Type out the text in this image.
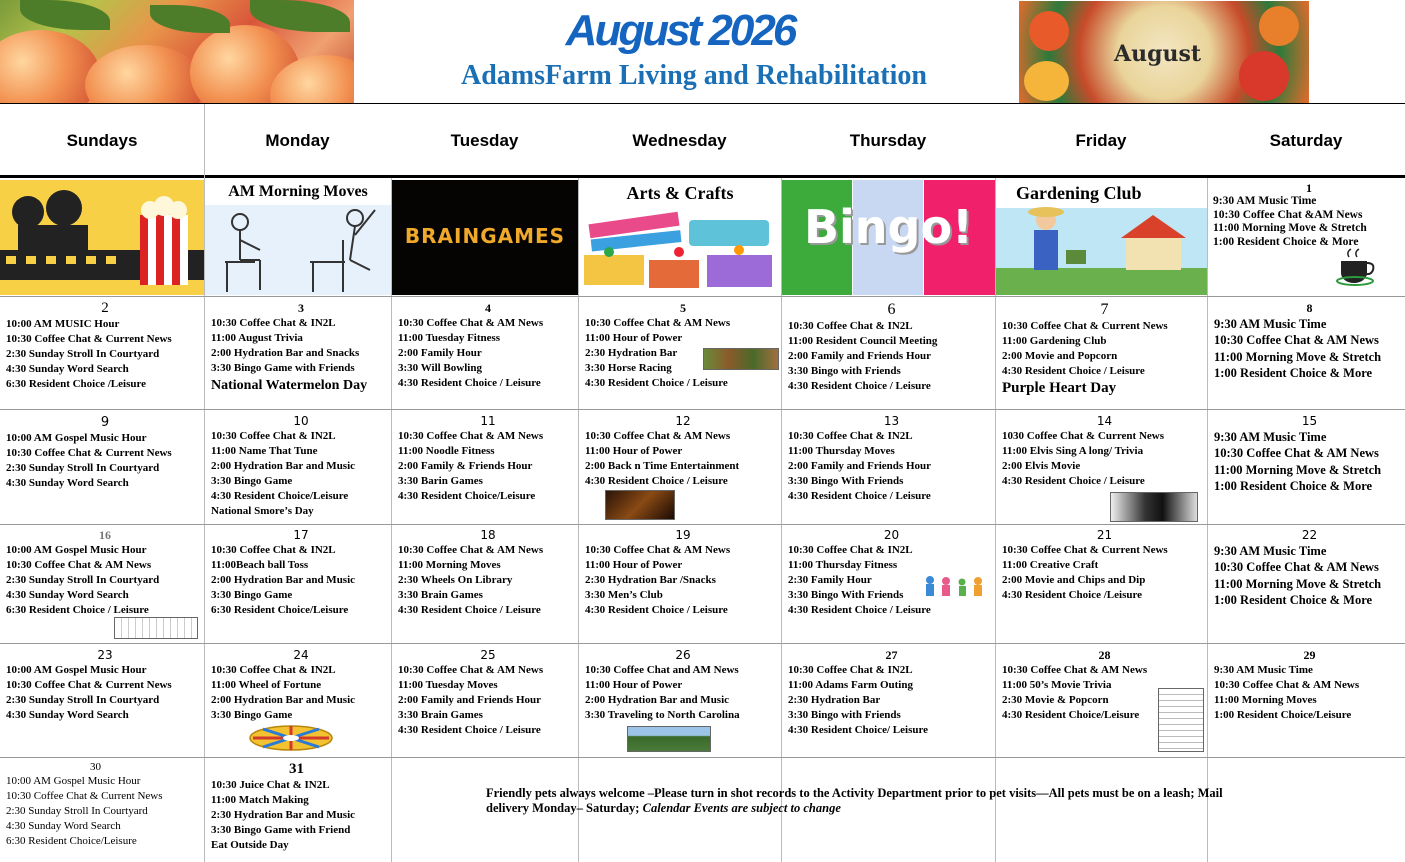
August 2026
AdamsFarm Living and Rehabilitation
August
Sundays	Monday	Tuesday	Wednesday	Thursday	Friday	Saturday
AM Morning Moves
BRAINGAMES
Arts & Crafts
Bingo!
Gardening Club	1
9:30 AM Music Time
10:30 Coffee Chat &AM News
11:00 Morning Move & Stretch
1:00 Resident Choice & More
2
10:00 AM MUSIC Hour
10:30 Coffee Chat & Current News
2:30 Sunday Stroll In Courtyard
4:30 Sunday Word Search
6:30 Resident Choice /Leisure
3
10:30 Coffee Chat & IN2L
11:00 August Trivia
2:00 Hydration Bar and Snacks
3:30 Bingo Game with Friends
National Watermelon Day
4
10:30 Coffee Chat & AM News
11:00 Tuesday Fitness
2:00 Family Hour
3:30 Will Bowling
4:30 Resident Choice / Leisure
5
10:30 Coffee Chat & AM News
11:00 Hour of Power
2:30 Hydration Bar
3:30 Horse Racing
4:30 Resident Choice / Leisure
6
10:30 Coffee Chat & IN2L
11:00 Resident Council Meeting
2:00 Family and Friends Hour
3:30 Bingo with Friends
4:30 Resident Choice / Leisure
7
10:30 Coffee Chat & Current News
11:00 Gardening Club
2:00 Movie and Popcorn
4:30 Resident Choice / Leisure
Purple Heart Day
8
9:30 AM Music Time
10:30 Coffee Chat & AM News
11:00 Morning Move & Stretch
1:00 Resident Choice & More
9
10:00 AM Gospel Music Hour
10:30 Coffee Chat & Current News
2:30 Sunday Stroll In Courtyard
4:30 Sunday Word Search
10
10:30 Coffee Chat & IN2L
11:00 Name That Tune
2:00 Hydration Bar and Music
3:30 Bingo Game
4:30 Resident Choice/Leisure
National Smore’s Day
11
10:30 Coffee Chat & AM News
11:00 Noodle Fitness
2:00 Family & Friends Hour
3:30 Barin Games
4:30 Resident Choice/Leisure
12
10:30 Coffee Chat & AM News
11:00 Hour of Power
2:00 Back n Time Entertainment
4:30 Resident Choice / Leisure
13
10:30 Coffee Chat & IN2L
11:00 Thursday Moves
2:00 Family and Friends Hour
3:30 Bingo With Friends
4:30 Resident Choice / Leisure
14
1030 Coffee Chat & Current News
11:00 Elvis Sing A long/ Trivia
2:00 Elvis Movie
4:30 Resident Choice / Leisure
15
9:30 AM Music Time
10:30 Coffee Chat & AM News
11:00 Morning Move & Stretch
1:00 Resident Choice & More
16
10:00 AM Gospel Music Hour
10:30 Coffee Chat & AM News
2:30 Sunday Stroll In Courtyard
4:30 Sunday Word Search
6:30 Resident Choice / Leisure
17
10:30 Coffee Chat & IN2L
11:00Beach ball Toss
2:00 Hydration Bar and Music
3:30 Bingo Game
6:30 Resident Choice/Leisure
18
10:30 Coffee Chat & AM News
11:00 Morning Moves
2:30 Wheels On Library
3:30 Brain Games
4:30 Resident Choice / Leisure
19
10:30 Coffee Chat & AM News
11:00 Hour of Power
2:30 Hydration Bar /Snacks
3:30 Men’s Club
4:30 Resident Choice / Leisure
20
10:30 Coffee Chat & IN2L
11:00 Thursday Fitness
2:30 Family Hour
3:30 Bingo With Friends
4:30 Resident Choice / Leisure
21
10:30 Coffee Chat & Current News
11:00 Creative Craft
2:00 Movie and Chips and Dip
4:30 Resident Choice /Leisure
22
9:30 AM Music Time
10:30 Coffee Chat & AM News
11:00 Morning Move & Stretch
1:00 Resident Choice & More
23
10:00 AM Gospel Music Hour
10:30 Coffee Chat & Current News
2:30 Sunday Stroll In Courtyard
4:30 Sunday Word Search
24
10:30 Coffee Chat & IN2L
11:00 Wheel of Fortune
2:00 Hydration Bar and Music
3:30 Bingo Game
25
10:30 Coffee Chat & AM News
11:00 Tuesday Moves
2:00 Family and Friends Hour
3:30 Brain Games
4:30 Resident Choice / Leisure
26
10:30 Coffee Chat and AM News
11:00 Hour of Power
2:00 Hydration Bar and Music
3:30 Traveling to North Carolina
27
10:30 Coffee Chat & IN2L
11:00 Adams Farm Outing
2:30 Hydration Bar
3:30 Bingo with Friends
4:30 Resident Choice/ Leisure
28
10:30 Coffee Chat & AM News
11:00 50’s Movie Trivia
2:30 Movie & Popcorn
4:30 Resident Choice/Leisure
29
9:30 AM Music Time
10:30 Coffee Chat & AM News
11:00 Morning Moves
1:00 Resident Choice/Leisure
30
10:00 AM Gospel Music Hour
10:30 Coffee Chat & Current News
2:30 Sunday Stroll In Courtyard
4:30 Sunday Word Search
6:30 Resident Choice/Leisure
31
10:30 Juice Chat & IN2L
11:00 Match Making
2:30 Hydration Bar and Music
3:30 Bingo Game with Friend
Eat Outside Day
Friendly pets always welcome –Please turn in shot records to the Activity Department prior to pet visits—All pets must be on a leash; Mail delivery Monday– Saturday; Calendar Events are subject to change
